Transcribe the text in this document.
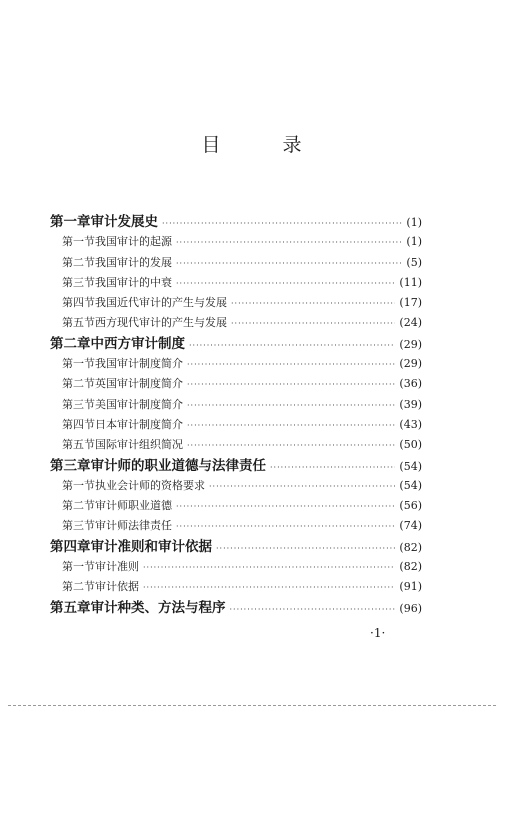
目	录
第一章 审计发展史 ·····	(1)
第一节 我国审计的起源 ·····	(1)
第二节 我国审计的发展 ·····	(5)
第三节 我国审计的中衰 ·····	(11)
第四节 我国近代审计的产生与发展 ·····	(17)
第五节 西方现代审计的产生与发展 ·····	(24)
第二章 中西方审计制度 ·····	(29)
第一节 我国审计制度简介 ·····	(29)
第二节 英国审计制度简介 ·····	(36)
第三节 美国审计制度简介 ·····	(39)
第四节 日本审计制度简介 ·····	(43)
第五节 国际审计组织简况 ·····	(50)
第三章 审计师的职业道德与法律责任 ·····	(54)
第一节 执业会计师的资格要求 ·····	(54)
第二节 审计师职业道德 ·····	(56)
第三节 审计师法律责任 ·····	(74)
第四章 审计准则和审计依据 ·····	(82)
第一节 审计准则 ·····	(82)
第二节 审计依据 ·····	(91)
第五章 审计种类、方法与程序 ·····	(96)
·1·
